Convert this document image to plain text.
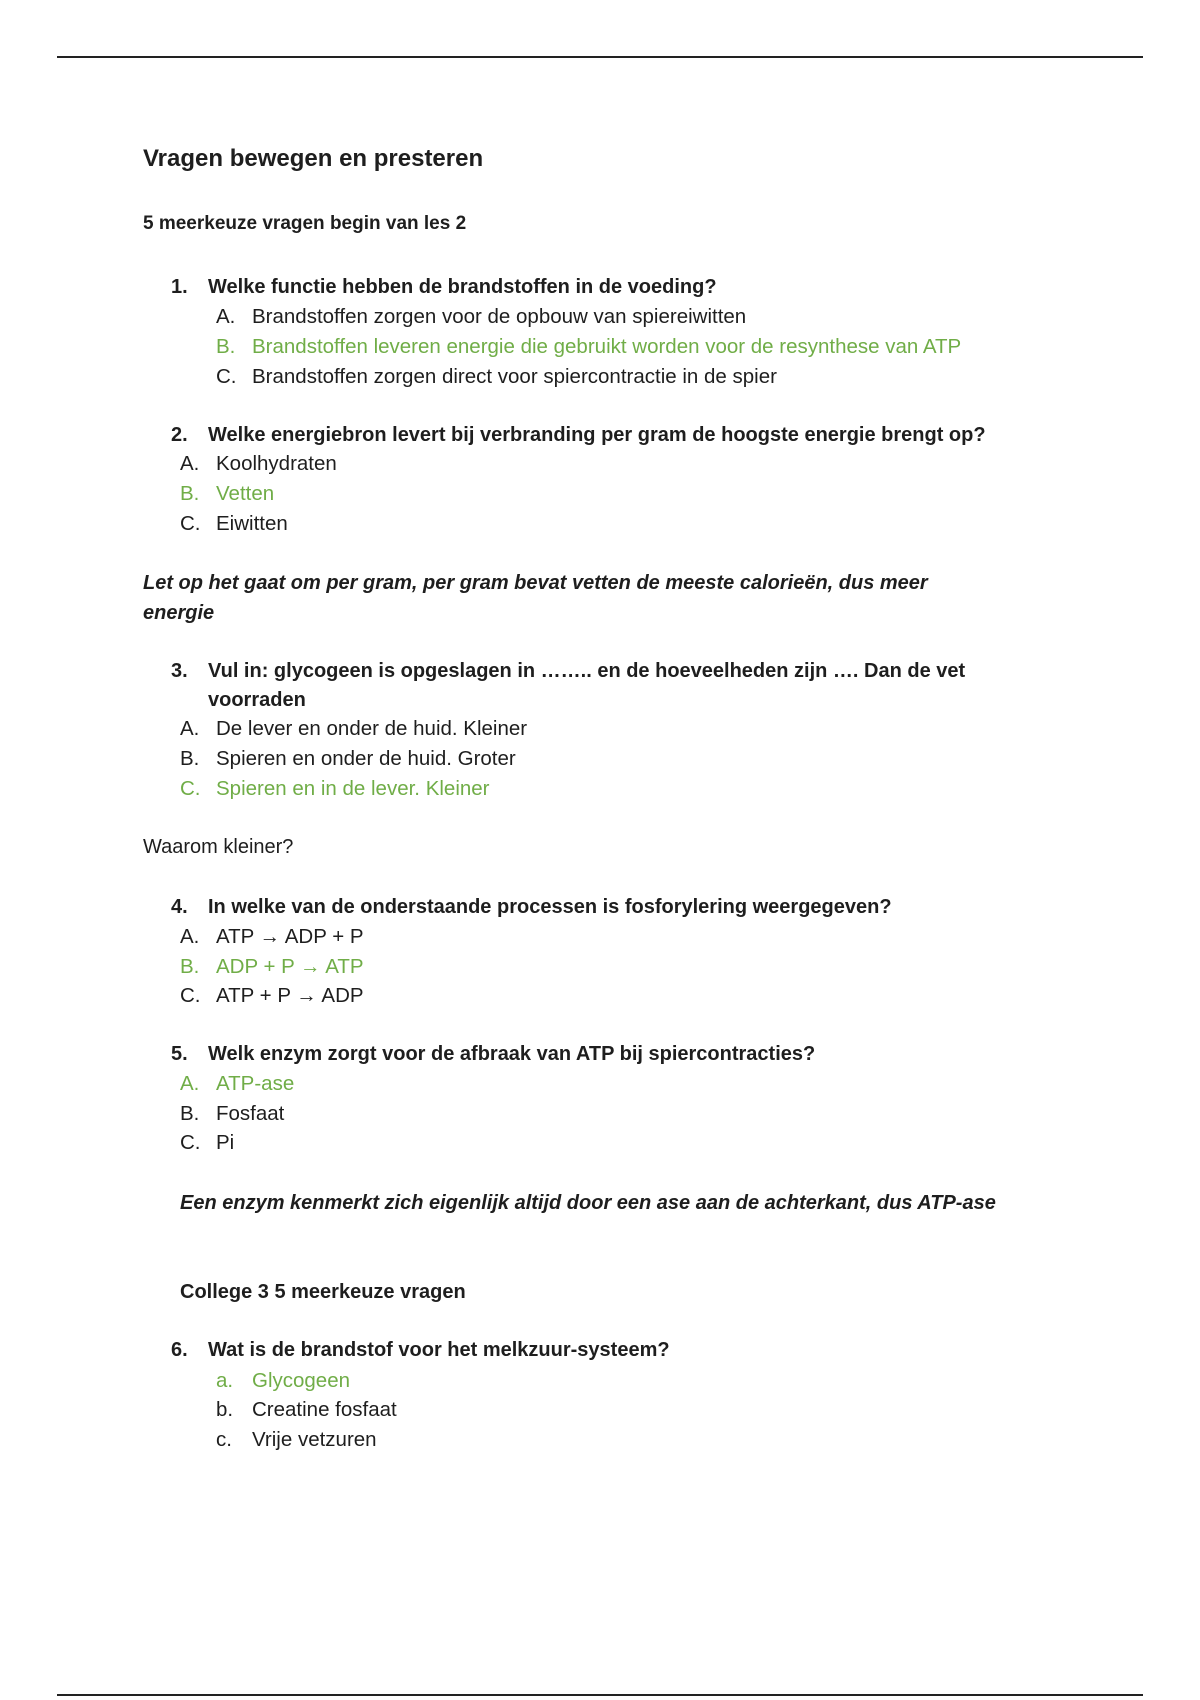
Vragen bewegen en presteren
5 meerkeuze vragen begin van les 2
1. Welke functie hebben de brandstoffen in de voeding?
A. Brandstoffen zorgen voor de opbouw van spiereiwitten
B. Brandstoffen leveren energie die gebruikt worden voor de resynthese van ATP
C. Brandstoffen zorgen direct voor spiercontractie in de spier
2. Welke energiebron levert bij verbranding per gram de hoogste energie brengt op?
A. Koolhydraten
B. Vetten
C. Eiwitten
Let op het gaat om per gram, per gram bevat vetten de meeste calorieën, dus meer
energie
3. Vul in: glycogeen is opgeslagen in …….. en de hoeveelheden zijn …. Dan de vet
voorraden
A. De lever en onder de huid. Kleiner
B. Spieren en onder de huid. Groter
C. Spieren en in de lever. Kleiner
Waarom kleiner?
4. In welke van de onderstaande processen is fosforylering weergegeven?
A. ATP → ADP + P
B. ADP + P → ATP
C. ATP + P → ADP
5. Welk enzym zorgt voor de afbraak van ATP bij spiercontracties?
A. ATP-ase
B. Fosfaat
C. Pi
Een enzym kenmerkt zich eigenlijk altijd door een ase aan de achterkant, dus ATP-ase
College 3 5 meerkeuze vragen
6. Wat is de brandstof voor het melkzuur-systeem?
a. Glycogeen
b. Creatine fosfaat
c. Vrije vetzuren
